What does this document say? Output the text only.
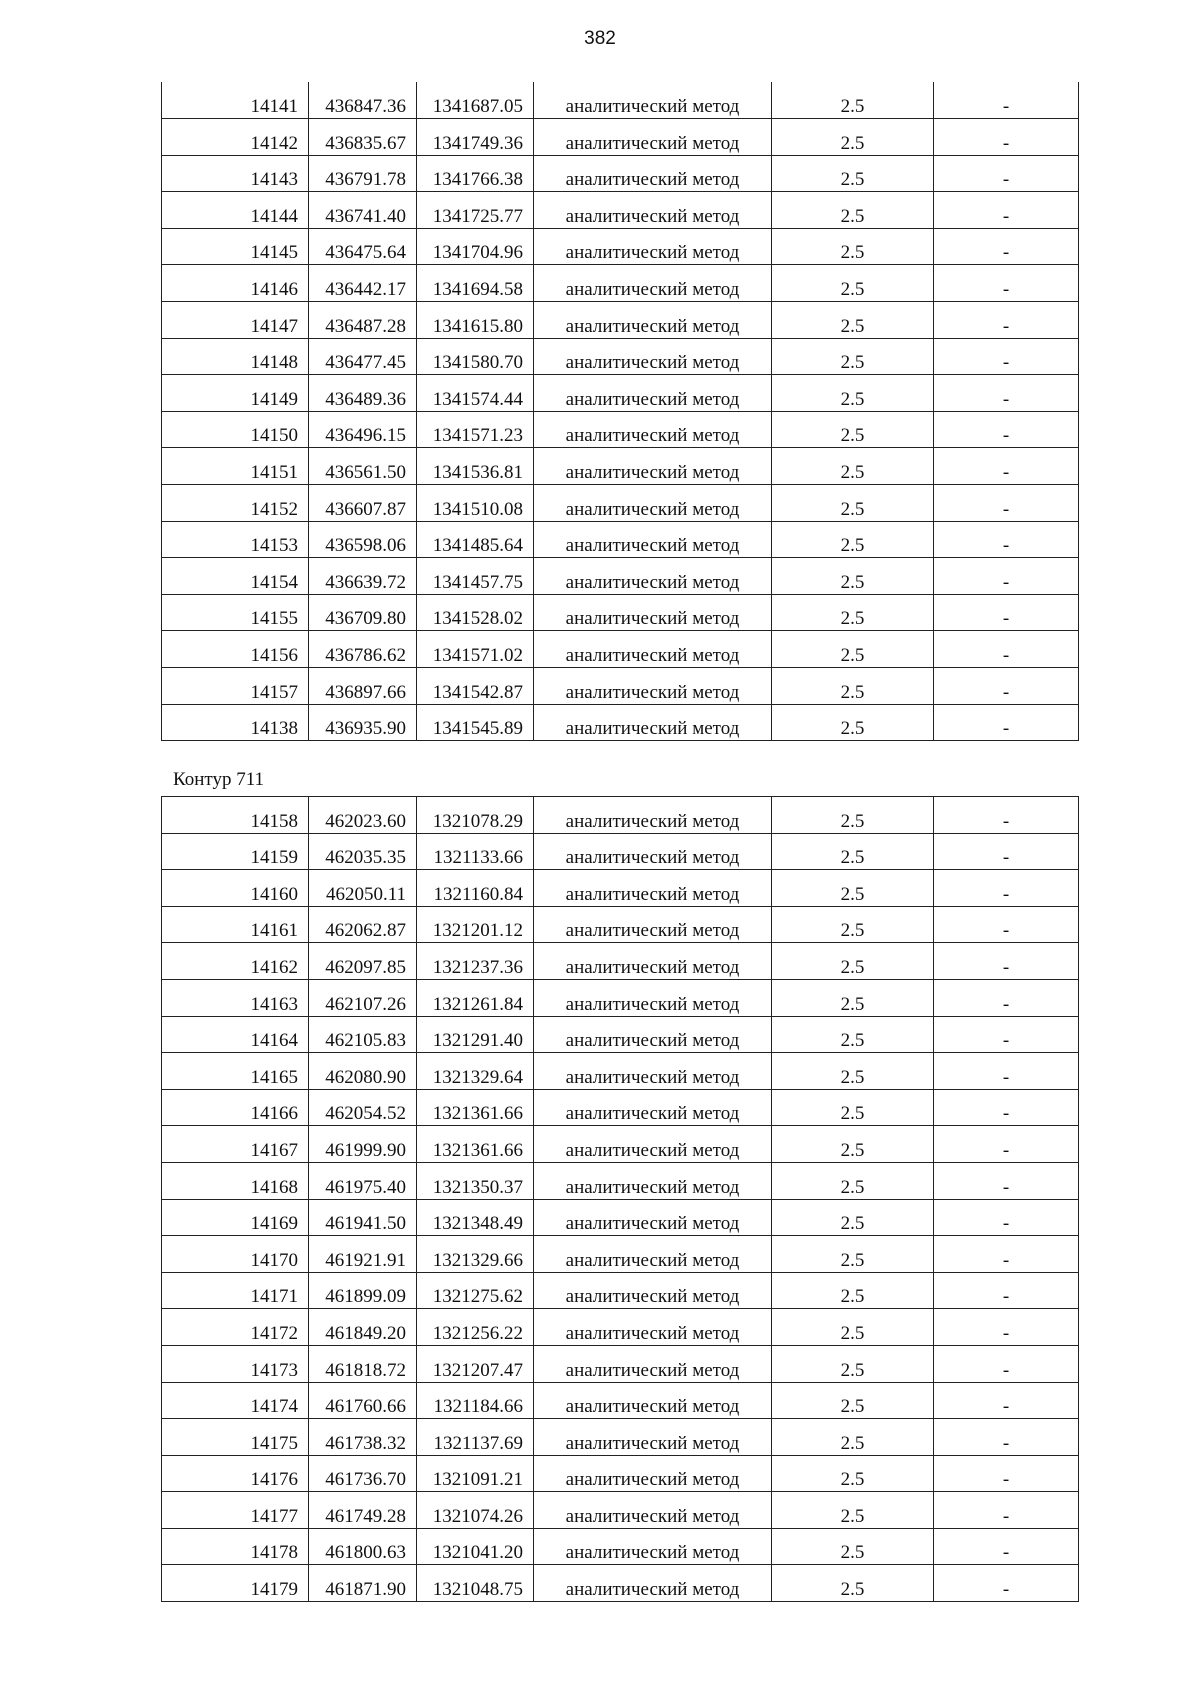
382
14141	436847.36	1341687.05	аналитический метод	2.5	-
14142	436835.67	1341749.36	аналитический метод	2.5	-
14143	436791.78	1341766.38	аналитический метод	2.5	-
14144	436741.40	1341725.77	аналитический метод	2.5	-
14145	436475.64	1341704.96	аналитический метод	2.5	-
14146	436442.17	1341694.58	аналитический метод	2.5	-
14147	436487.28	1341615.80	аналитический метод	2.5	-
14148	436477.45	1341580.70	аналитический метод	2.5	-
14149	436489.36	1341574.44	аналитический метод	2.5	-
14150	436496.15	1341571.23	аналитический метод	2.5	-
14151	436561.50	1341536.81	аналитический метод	2.5	-
14152	436607.87	1341510.08	аналитический метод	2.5	-
14153	436598.06	1341485.64	аналитический метод	2.5	-
14154	436639.72	1341457.75	аналитический метод	2.5	-
14155	436709.80	1341528.02	аналитический метод	2.5	-
14156	436786.62	1341571.02	аналитический метод	2.5	-
14157	436897.66	1341542.87	аналитический метод	2.5	-
14138	436935.90	1341545.89	аналитический метод	2.5	-
Контур 711
14158	462023.60	1321078.29	аналитический метод	2.5	-
14159	462035.35	1321133.66	аналитический метод	2.5	-
14160	462050.11	1321160.84	аналитический метод	2.5	-
14161	462062.87	1321201.12	аналитический метод	2.5	-
14162	462097.85	1321237.36	аналитический метод	2.5	-
14163	462107.26	1321261.84	аналитический метод	2.5	-
14164	462105.83	1321291.40	аналитический метод	2.5	-
14165	462080.90	1321329.64	аналитический метод	2.5	-
14166	462054.52	1321361.66	аналитический метод	2.5	-
14167	461999.90	1321361.66	аналитический метод	2.5	-
14168	461975.40	1321350.37	аналитический метод	2.5	-
14169	461941.50	1321348.49	аналитический метод	2.5	-
14170	461921.91	1321329.66	аналитический метод	2.5	-
14171	461899.09	1321275.62	аналитический метод	2.5	-
14172	461849.20	1321256.22	аналитический метод	2.5	-
14173	461818.72	1321207.47	аналитический метод	2.5	-
14174	461760.66	1321184.66	аналитический метод	2.5	-
14175	461738.32	1321137.69	аналитический метод	2.5	-
14176	461736.70	1321091.21	аналитический метод	2.5	-
14177	461749.28	1321074.26	аналитический метод	2.5	-
14178	461800.63	1321041.20	аналитический метод	2.5	-
14179	461871.90	1321048.75	аналитический метод	2.5	-
